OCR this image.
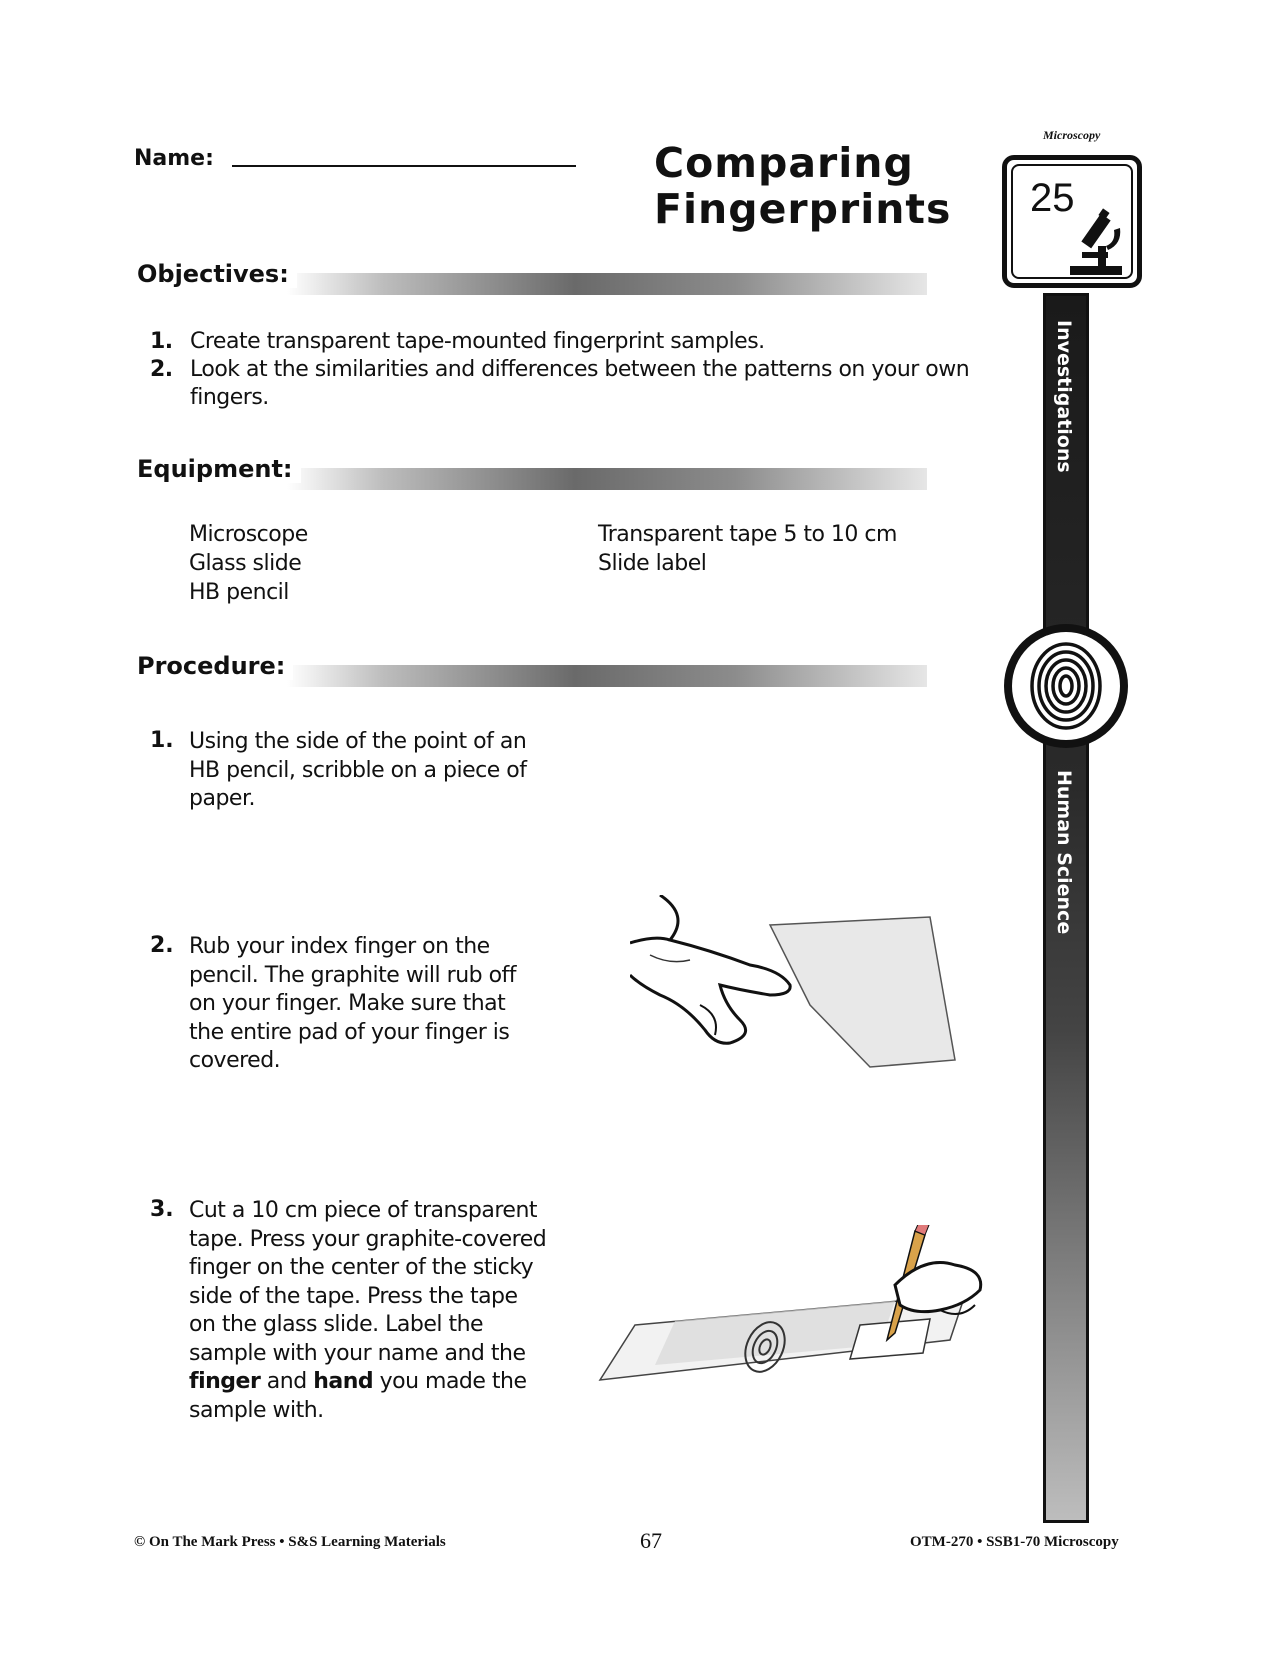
Name:	Comparing
Fingerprints
Microscopy
25
Investigations
Human Science
Objectives:
1. Create transparent tape-mounted fingerprint samples.
2. Look at the similarities and differences between the patterns on your own
fingers.
Equipment:
Microscope
Glass slide
HB pencil
Transparent tape 5 to 10 cm
Slide label
Procedure:
1. Using the side of the point of an
HB pencil, scribble on a piece of
paper.
2. Rub your index finger on the
pencil. The graphite will rub off
on your finger. Make sure that
the entire pad of your finger is
covered.
3. Cut a 10 cm piece of transparent
tape. Press your graphite-covered
finger on the center of the sticky
side of the tape. Press the tape
on the glass slide. Label the
sample with your name and the
finger and hand you made the
sample with.
© On The Mark Press • S&S Learning Materials	67	OTM-270 • SSB1-70 Microscopy
